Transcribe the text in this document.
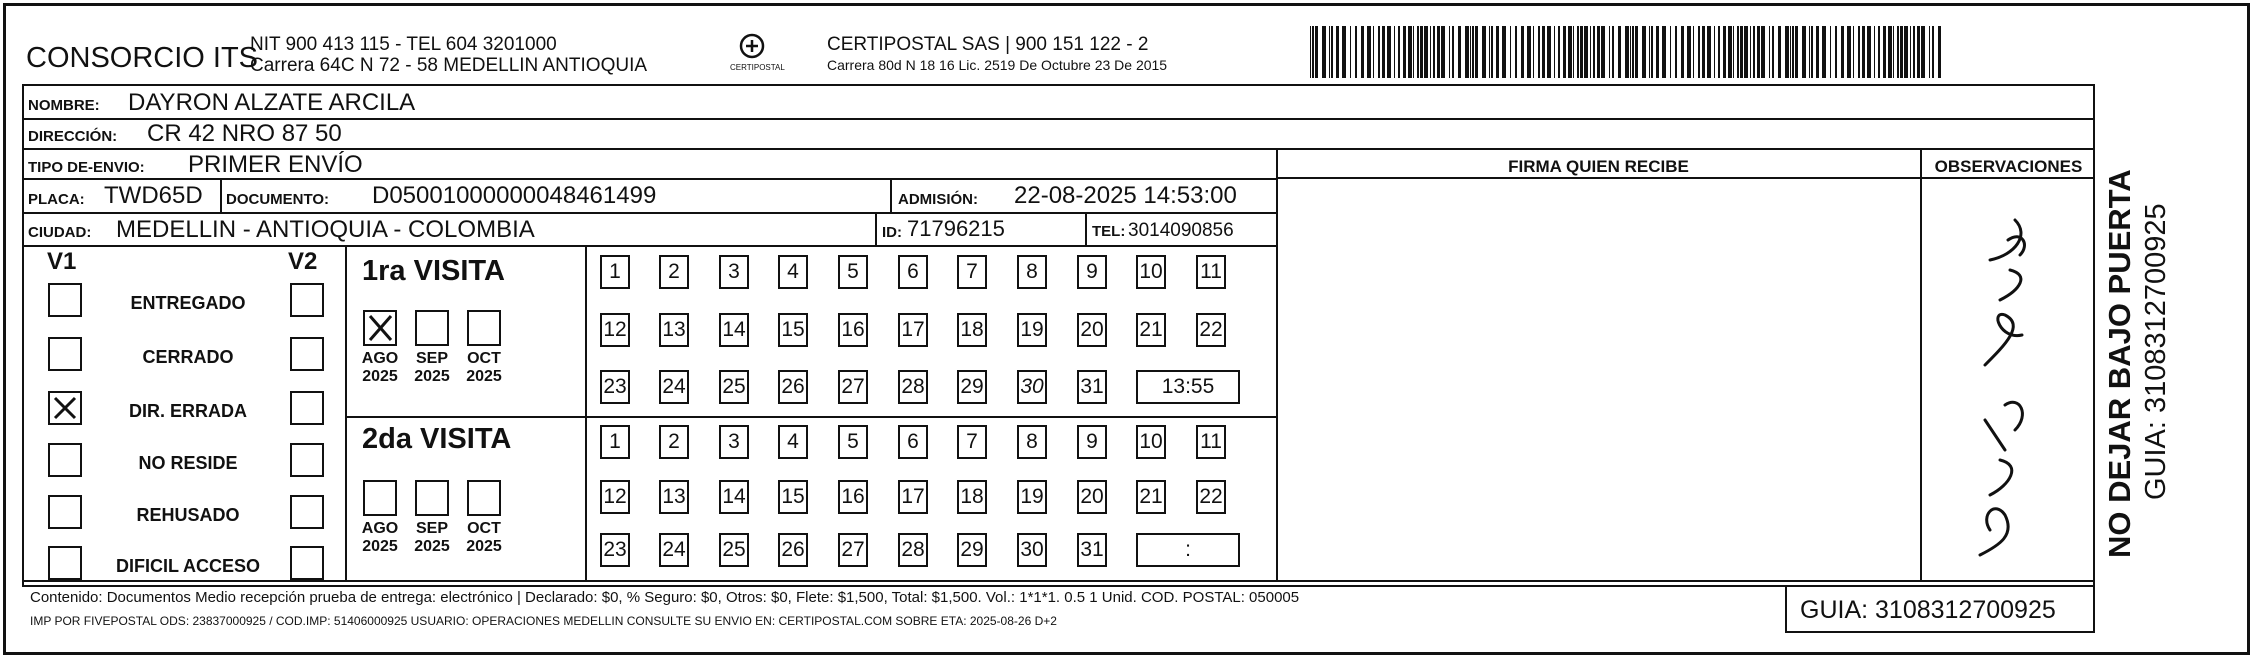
CONSORCIO ITS
NIT 900 413 115 - TEL 604 3201000
Carrera 64C N 72 - 58 MEDELLIN ANTIOQUIA	CERTIPOSTAL
CERTIPOSTAL SAS | 900 151 122 - 2
Carrera 80d N 18 16 Lic. 2519 De Octubre 23 De 2015
NOMBRE: DAYRON ALZATE ARCILA
DIRECCIÓN: CR 42 NRO 87 50
TIPO DE-ENVIO: PRIMER ENVÍO
PLACA: TWD65D DOCUMENTO: D05001000000048461499	ADMISIÓN: 22-08-2025 14:53:00
CIUDAD: MEDELLIN - ANTIOQUIA - COLOMBIA	ID: 71796215	TEL: 3014090856
FIRMA QUIEN RECIBE	OBSERVACIONES
V1	V2
ENTREGADO
CERRADO
DIR. ERRADA
NO RESIDE
REHUSADO
DIFICIL ACCESO
1ra VISITA
2da VISITA
AGO
2025
SEP
2025
OCT
2025
1	2	3	4	5	6	7	8	9	10 11
12 13 14 15 16 17 18 19 20 21 22
23 24 25 26 27 28 29 30 31	13:55
AGO
2025
SEP
2025
OCT
2025
1	2	3	4	5	6	7	8	9	10 11
12 13 14 15 16 17 18 19 20 21 22
23 24 25 26 27 28 29 30 31	:
Contenido: Documentos Medio recepción prueba de entrega: electrónico | Declarado: $0, % Seguro: $0, Otros: $0, Flete: $1,500, Total: $1,500. Vol.: 1*1*1. 0.5 1 Unid. COD. POSTAL: 050005
IMP POR FIVEPOSTAL ODS: 23837000925 / COD.IMP: 51406000925 USUARIO: OPERACIONES MEDELLIN CONSULTE SU ENVIO EN: CERTIPOSTAL.COM SOBRE ETA: 2025-08-26 D+2	GUIA: 3108312700925
NO DEJAR BAJO PUERTA GUIA: 3108312700925
